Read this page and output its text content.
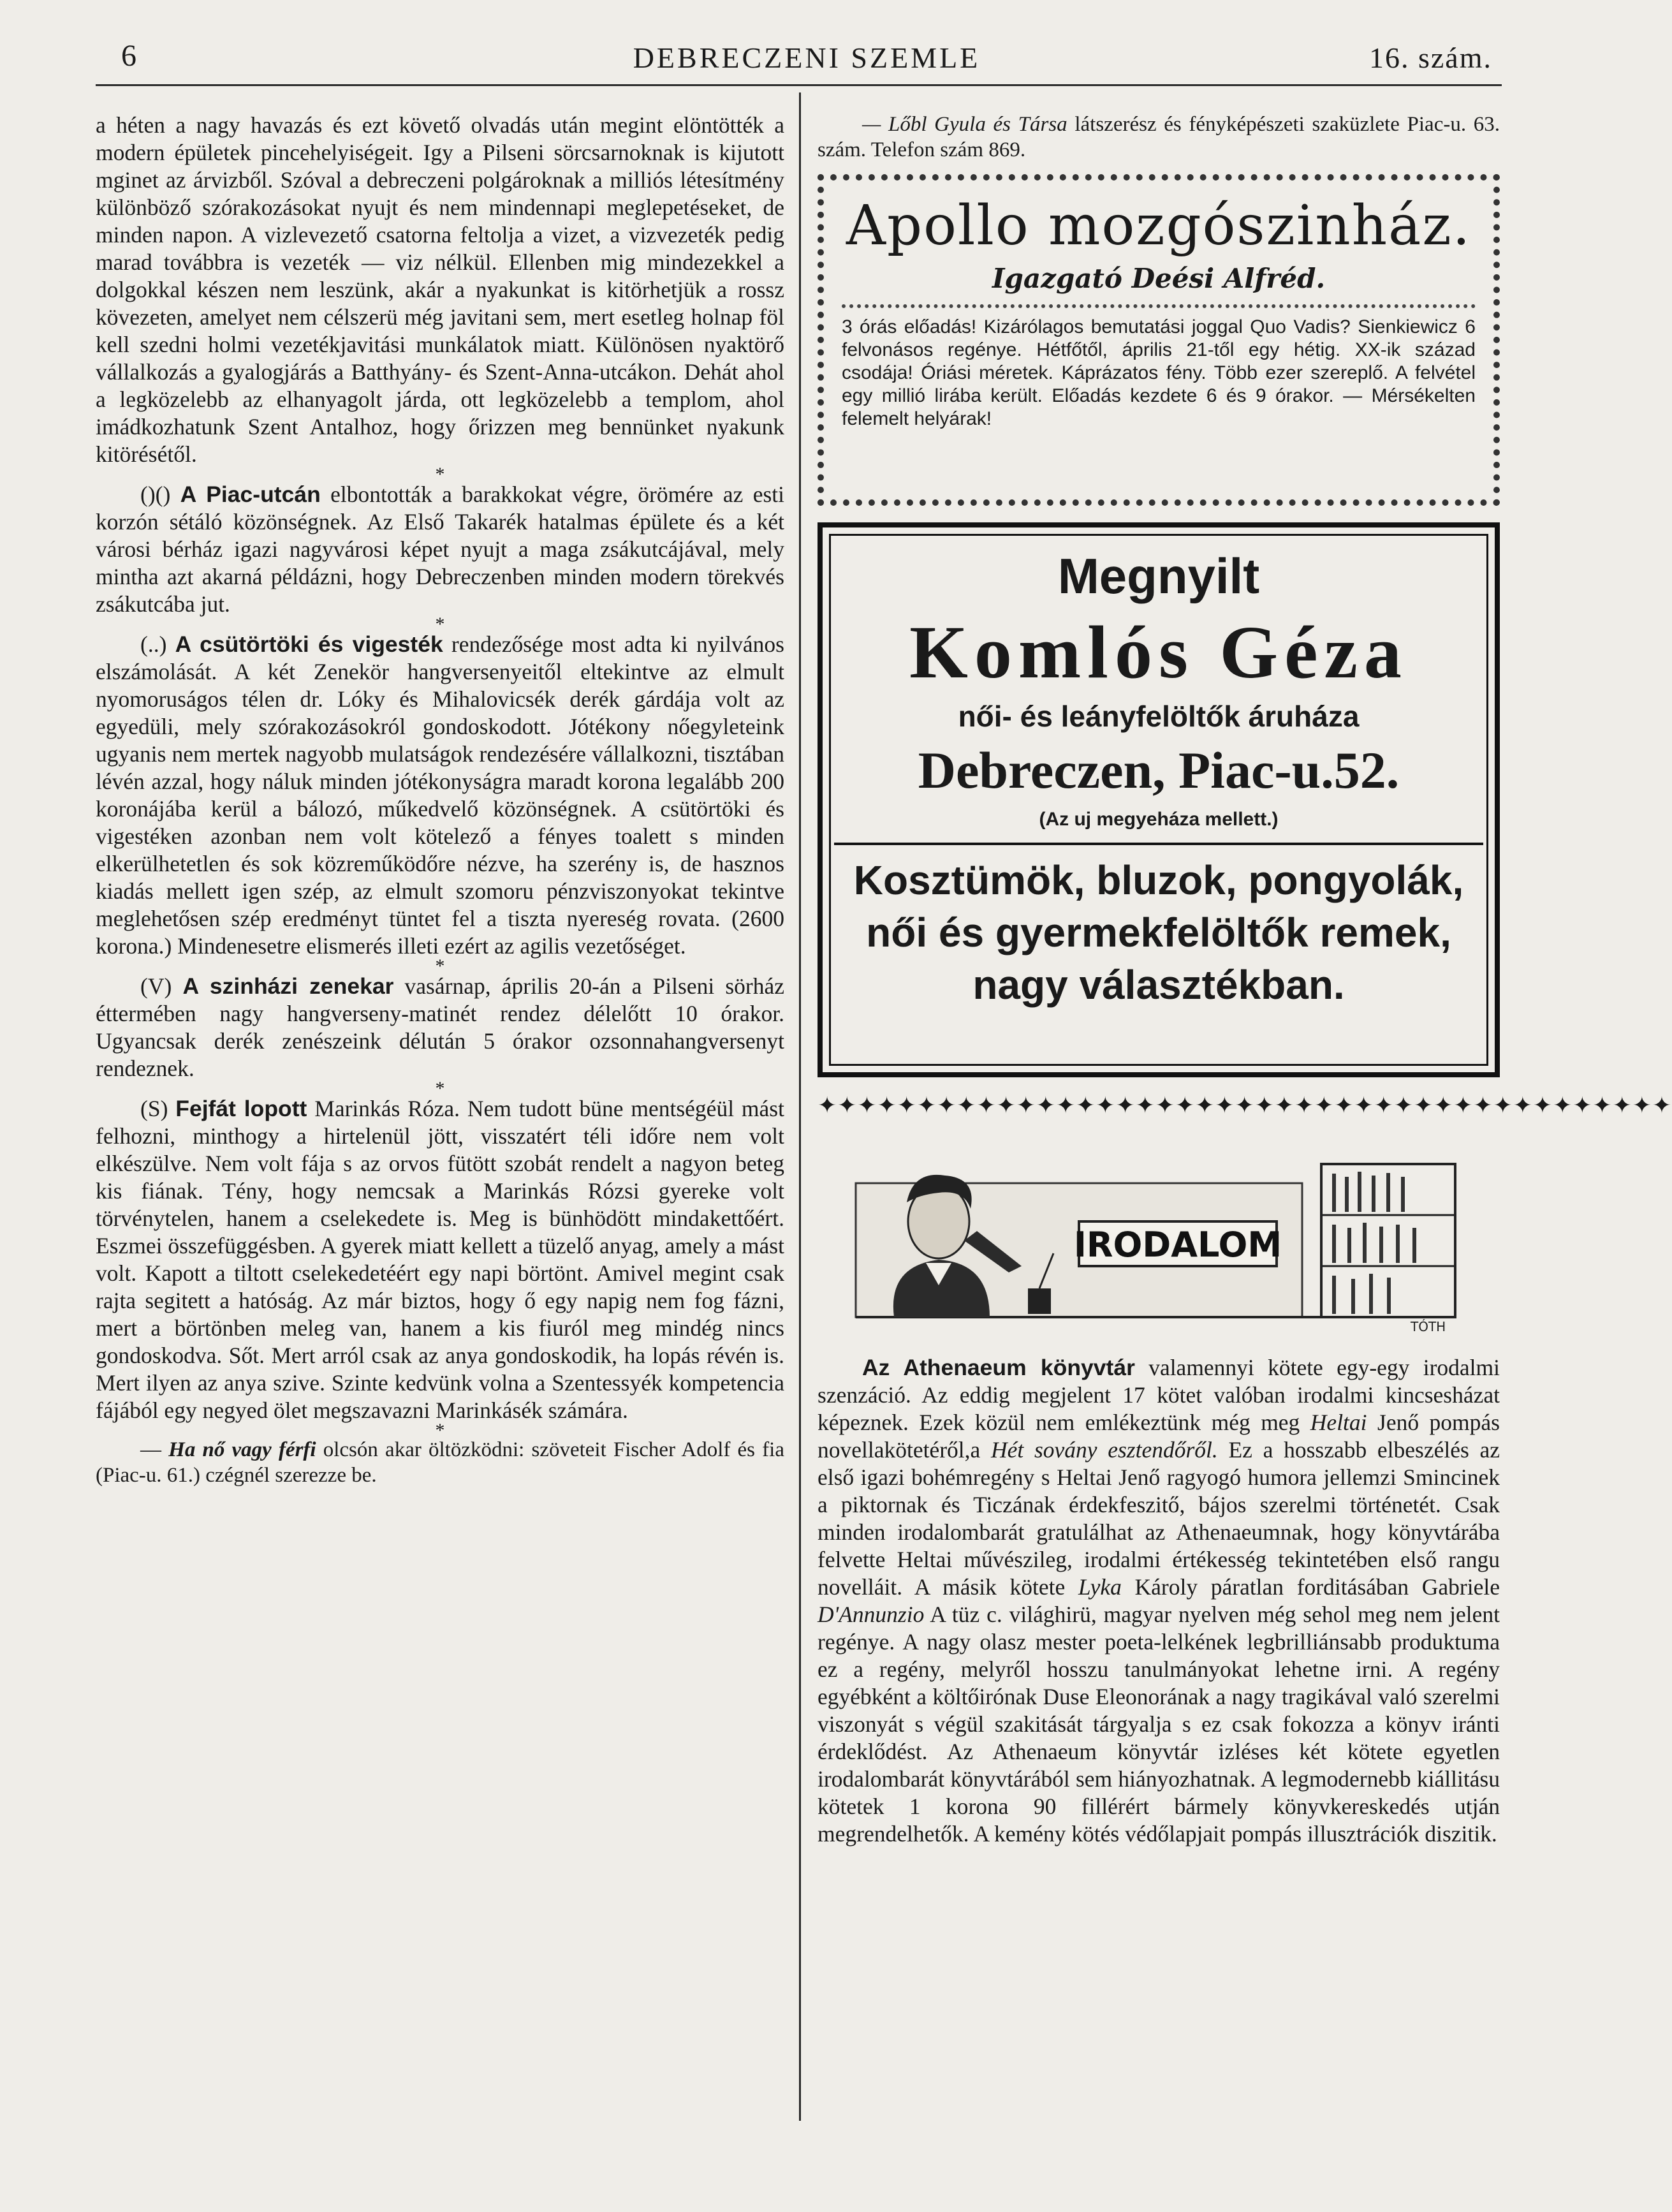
6	DEBRECZENI SZEMLE	16. szám.

a héten a nagy havazás és ezt követő olvadás után megint elöntötték a modern épületek pincehelyiségeit. Igy a Pilseni sörcsarnoknak is kijutott mginet az árvizből. Szóval a debreczeni polgároknak a milliós létesítmény különböző szórakozásokat nyujt és nem mindennapi meglepetéseket, de minden napon. A vizlevezető csatorna feltolja a vizet, a vizvezeték pedig marad továbbra is vezeték — viz nélkül. Ellenben mig mindezekkel a dolgokkal készen nem leszünk, akár a nyakunkat is kitörhetjük a rossz kövezeten, amelyet nem célszerü még javitani sem, mert esetleg holnap föl kell szedni holmi vezetékjavitási munkálatok miatt. Különösen nyaktörő vállalkozás a gyalogjárás a Batthyány- és Szent-Anna-utcákon. Dehát ahol a legközelebb az elhanyagolt járda, ott legközelebb a templom, ahol imádkozhatunk Szent Antalhoz, hogy őrizzen meg bennünket nyakunk kitörésétől.

*

()() A Piac-utcán elbontották a barakkokat végre, örömére az esti korzón sétáló közönségnek. Az Első Takarék hatalmas épülete és a két városi bérház igazi nagyvárosi képet nyujt a maga zsákutcájával, mely mintha azt akarná példázni, hogy Debreczenben minden modern törekvés zsákutcába jut.

*

(..) A csütörtöki és vigesték rendezősége most adta ki nyilvános elszámolását. A két Zenekör hangversenyeitől eltekintve az elmult nyomoruságos télen dr. Lóky és Mihalovicsék derék gárdája volt az egyedüli, mely szórakozásokról gondoskodott. Jótékony nőegyleteink ugyanis nem mertek nagyobb mulatságok rendezésére vállalkozni, tisztában lévén azzal, hogy náluk minden jótékonyságra maradt korona legalább 200 koronájába kerül a bálozó, műkedvelő közönségnek. A csütörtöki és vigestéken azonban nem volt kötelező a fényes toalett s minden elkerülhetetlen és sok közreműködőre nézve, ha szerény is, de hasznos kiadás mellett igen szép, az elmult szomoru pénzviszonyokat tekintve meglehetősen szép eredményt tüntet fel a tiszta nyereség rovata. (2600 korona.) Mindenesetre elismerés illeti ezért az agilis vezetőséget.

*

(V) A szinházi zenekar vasárnap, április 20-án a Pilseni sörház éttermében nagy hangverseny-matinét rendez délelőtt 10 órakor. Ugyancsak derék zenészeink délután 5 órakor ozsonnahangversenyt rendeznek.

*

(S) Fejfát lopott Marinkás Róza. Nem tudott büne mentségéül mást felhozni, minthogy a hirtelenül jött, visszatért téli időre nem volt elkészülve. Nem volt fája s az orvos fütött szobát rendelt a nagyon beteg kis fiának. Tény, hogy nemcsak a Marinkás Rózsi gyereke volt törvénytelen, hanem a cselekedete is. Meg is bünhödött mindakettőért. Eszmei összefüggésben. A gyerek miatt kellett a tüzelő anyag, amely a mást volt. Kapott a tiltott cselekedetéért egy napi börtönt. Amivel megint csak rajta segitett a hatóság. Az már biztos, hogy ő egy napig nem fog fázni, mert a börtönben meleg van, hanem a kis fiuról meg mindég nincs gondoskodva. Sőt. Mert arról csak az anya gondoskodik, ha lopás révén is. Mert ilyen az anya szive. Szinte kedvünk volna a Szentessyék kompetencia fájából egy negyed ölet megszavazni Marinkásék számára.

*

— Ha nő vagy férfi olcsón akar öltözködni: szöveteit Fischer Adolf és fia (Piac-u. 61.) czégnél szerezze be.

— Lőbl Gyula és Társa látszerész és fényképészeti szaküzlete Piac-u. 63. szám. Telefon szám 869.

Apollo mozgószinház.
Igazgató Deési Alfréd.

3 órás előadás! Kizárólagos bemutatási joggal Quo Vadis? Sienkiewicz 6 felvonásos regénye. Hétfőtől, április 21-től egy hétig. XX-ik század csodája! Óriási méretek. Káprázatos fény. Több ezer szereplő. A felvétel egy millió lirába került. Előadás kezdete 6 és 9 órakor. — Mérsékelten felemelt helyárak!

Megnyilt
Komlós Géza
női- és leányfelöltők áruháza
Debreczen, Piac-u.52.
(Az uj megyeháza mellett.)
Kosztümök, bluzok, pongyolák, női és gyermekfelöltők remek, nagy választékban.
✦✦✦✦✦✦✦✦✦✦✦✦✦✦✦✦✦✦✦✦✦✦✦✦✦✦✦✦✦✦✦✦✦✦✦✦✦✦✦✦✦✦✦
IRODALOM
TÓTH

Az Athenaeum könyvtár valamennyi kötete egy-egy irodalmi szenzáció. Az eddig megjelent 17 kötet valóban irodalmi kincsesházat képeznek. Ezek közül nem emlékeztünk még meg Heltai Jenő pompás novellakötetéről,a Hét sovány esztendőről. Ez a hosszabb elbeszélés az első igazi bohémregény s Heltai Jenő ragyogó humora jellemzi Smincinek a piktornak és Ticzának érdekfeszitő, bájos szerelmi történetét. Csak minden irodalombarát gratulálhat az Athenaeumnak, hogy könyvtárába felvette Heltai művészileg, irodalmi értékesség tekintetében első rangu novelláit. A másik kötete Lyka Károly páratlan forditásában Gabriele D'Annunzio A tüz c. világhirü, magyar nyelven még sehol meg nem jelent regénye. A nagy olasz mester poeta-lelkének legbrilliánsabb produktuma ez a regény, melyről hosszu tanulmányokat lehetne irni. A regény egyébként a költőirónak Duse Eleonorának a nagy tragikával való szerelmi viszonyát s végül szakitását tárgyalja s ez csak fokozza a könyv iránti érdeklődést. Az Athenaeum könyvtár izléses két kötete egyetlen irodalombarát könyvtárából sem hiányozhatnak. A legmodernebb kiállitásu kötetek 1 korona 90 fillérért bármely könyvkereskedés utján megrendelhetők. A kemény kötés védőlapjait pompás illusztrációk diszitik.
